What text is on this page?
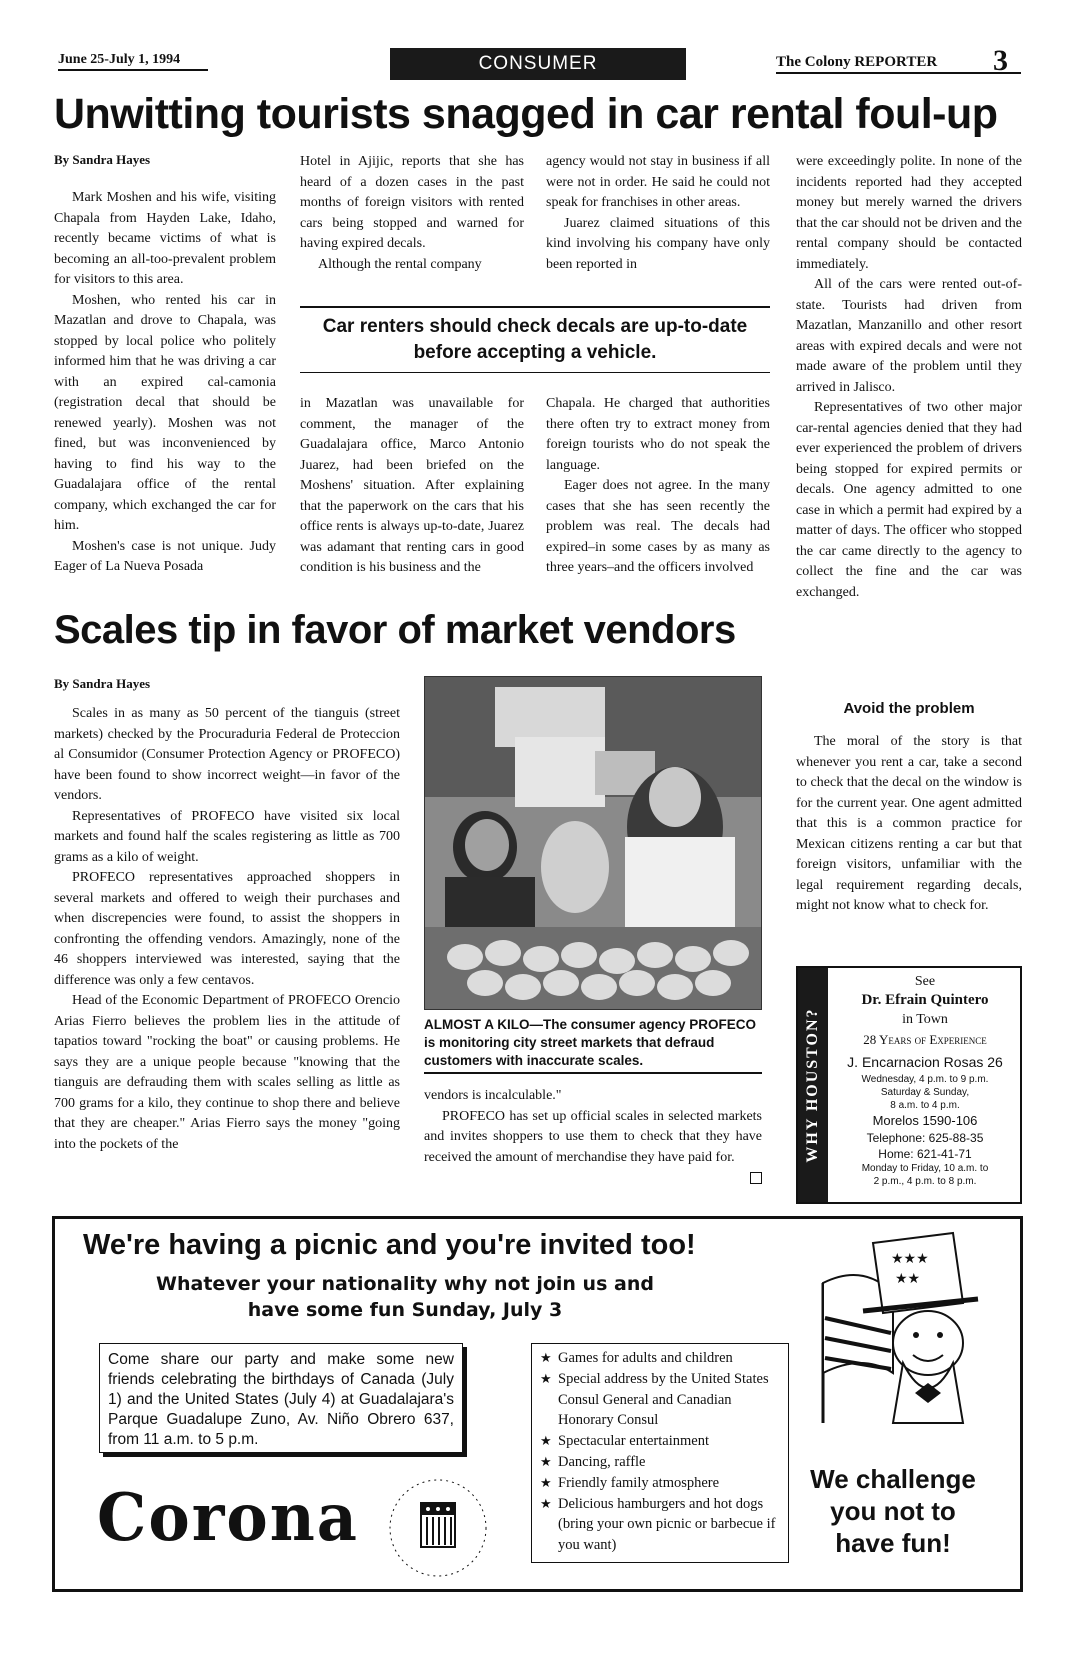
June 25-July 1, 1994	CONSUMER	The Colony REPORTER 3
Unwitting tourists snagged in car rental foul-up
By Sandra Hayes

Mark Moshen and his wife, visiting Chapala from Hayden Lake, Idaho, recently became victims of what is becoming an all-too-prevalent problem for visitors to this area.

Moshen, who rented his car in Mazatlan and drove to Chapala, was stopped by local police who politely informed him that he was driving a car with an expired cal-camonia (registration decal that should be renewed yearly). Moshen was not fined, but was inconvenienced by having to find his way to the Guadalajara office of the rental company, which exchanged the car for him.

Moshen's case is not unique. Judy Eager of La Nueva Posada

Hotel in Ajijic, reports that she has heard of a dozen cases in the past months of foreign visitors with rented cars being stopped and warned for having expired decals.

Although the rental company

agency would not stay in business if all were not in order. He said he could not speak for franchises in other areas.

Juarez claimed situations of this kind involving his company have only been reported in

Car renters should check decals are up-to-date before accepting a vehicle.

in Mazatlan was unavailable for comment, the manager of the Guadalajara office, Marco Antonio Juarez, had been briefed on the Moshens' situation. After explaining that the paperwork on the cars that his office rents is always up-to-date, Juarez was adamant that renting cars in good condition is his business and the

Chapala. He charged that authorities there often try to extract money from foreign tourists who do not speak the language.

Eager does not agree. In the many cases that she has seen recently the problem was real. The decals had expired–in some cases by as many as three years–and the officers involved

were exceedingly polite. In none of the incidents reported had they accepted money but merely warned the drivers that the car should not be driven and the rental company should be contacted immediately.

All of the cars were rented out-of-state. Tourists had driven from Mazatlan, Manzanillo and other resort areas with expired decals and were not made aware of the problem until they arrived in Jalisco.

Representatives of two other major car-rental agencies denied that they had ever experienced the problem of drivers being stopped for expired permits or decals. One agency admitted to one case in which a permit had expired by a matter of days. The officer who stopped the car came directly to the agency to collect the fine and the car was exchanged.

Avoid the problem

The moral of the story is that whenever you rent a car, take a second to check that the decal on the window is for the current year. One agent admitted that this is a common practice for Mexican citizens renting a car but that foreign visitors, unfamiliar with the legal requirement regarding decals, might not know what to check for.

Scales tip in favor of market vendors
By Sandra Hayes

Scales in as many as 50 percent of the tianguis (street markets) checked by the Procuraduria Federal de Proteccion al Consumidor (Consumer Protection Agency or PROFECO) have been found to show incorrect weight—in favor of the vendors.

Representatives of PROFECO have visited six local markets and found half the scales registering as little as 700 grams as a kilo of weight.

PROFECO representatives approached shoppers in several markets and offered to weigh their purchases and when discrepencies were found, to assist the shoppers in confronting the offending vendors. Amazingly, none of the 46 shoppers interviewed was interested, saying that the difference was only a few centavos.

Head of the Economic Department of PROFECO Orencio Arias Fierro believes the problem lies in the attitude of tapatios toward "rocking the boat" or causing problems. He says they are a unique people because "knowing that the tianguis are defrauding them with scales selling as little as 700 grams for a kilo, they continue to shop there and believe that they are cheaper." Arias Fierro says the money "going into the pockets of the

ALMOST A KILO—The consumer agency PROFECO is monitoring city street markets that defraud customers with inaccurate scales.

vendors is incalculable."

PROFECO has set up official scales in selected markets and invites shoppers to use them to check that they have received the amount of merchandise they have paid for.	WHY HOUSTON?
See
Dr. Efrain Quintero
in Town
28 Years of Experience
J. Encarnacion Rosas 26
Wednesday, 4 p.m. to 9 p.m.
Saturday & Sunday,
8 a.m. to 4 p.m.
Morelos 1590-106
Telephone: 625-88-35
Home: 621-41-71
Monday to Friday, 10 a.m. to
2 p.m., 4 p.m. to 8 p.m.
We're having a picnic and you're invited too!
Whatever your nationality why not join us and have some fun Sunday, July 3
Come share our party and make some new friends celebrating the birthdays of Canada (July 1) and the United States (July 4) at Guadalajara's Parque Guadalupe Zuno, Av. Niño Obrero 637, from 11 a.m. to 5 p.m.
★ Games for adults and children
★ Special address by the United States Consul General and Canadian Honorary Consul
★ Spectacular entertainment
★ Dancing, raffle
★ Friendly family atmosphere
★ Delicious hamburgers and hot dogs (bring your own picnic or barbecue if you want)
Corona
★★★
★★
We challenge you not to have fun!
